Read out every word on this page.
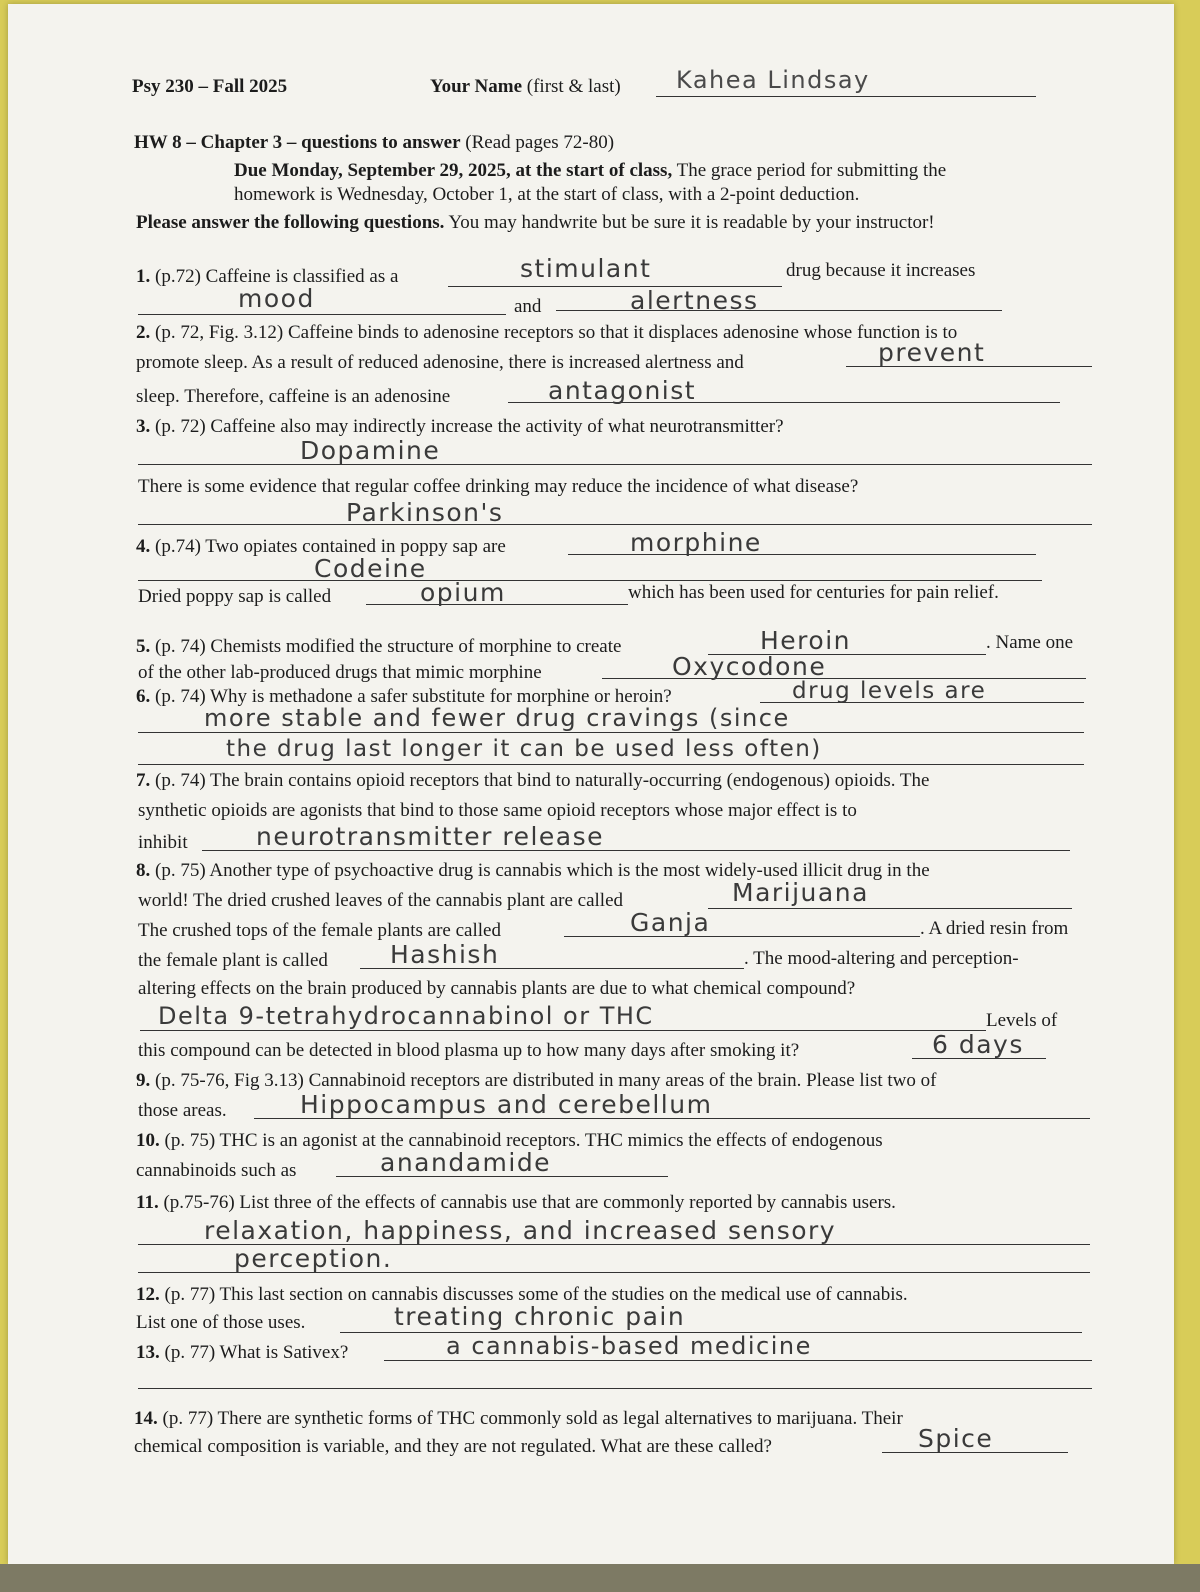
Psy 230 – Fall 2025	Your Name (first & last) Kahea Lindsay
HW 8 – Chapter 3 – questions to answer (Read pages 72-80)
Due Monday, September 29, 2025, at the start of class, The grace period for submitting the
homework is Wednesday, October 1, at the start of class, with a 2-point deduction.
Please answer the following questions. You may handwrite but be sure it is readable by your instructor!
1. (p.72) Caffeine is classified as a	stimulant	drug because it increases
mood	and	alertness
2. (p. 72, Fig. 3.12) Caffeine binds to adenosine receptors so that it displaces adenosine whose function is to
promote sleep. As a result of reduced adenosine, there is increased alertness and	prevent
sleep. Therefore, caffeine is an adenosine	antagonist
3. (p. 72) Caffeine also may indirectly increase the activity of what neurotransmitter?
Dopamine
There is some evidence that regular coffee drinking may reduce the incidence of what disease?
Parkinson's
4. (p.74) Two opiates contained in poppy sap are	morphine
Codeine
Dried poppy sap is called	opium	which has been used for centuries for pain relief.
5. (p. 74) Chemists modified the structure of morphine to create	Heroin	. Name one
of the other lab-produced drugs that mimic morphine	Oxycodone
6. (p. 74) Why is methadone a safer substitute for morphine or heroin?	drug levels are
more stable and fewer drug cravings (since
the drug last longer it can be used less often)
7. (p. 74) The brain contains opioid receptors that bind to naturally-occurring (endogenous) opioids. The
synthetic opioids are agonists that bind to those same opioid receptors whose major effect is to
inhibit	neurotransmitter release
8. (p. 75) Another type of psychoactive drug is cannabis which is the most widely-used illicit drug in the
world! The dried crushed leaves of the cannabis plant are called	Marijuana
The crushed tops of the female plants are called	Ganja	. A dried resin from
the female plant is called Hashish	. The mood-altering and perception-
altering effects on the brain produced by cannabis plants are due to what chemical compound?
Delta 9-tetrahydrocannabinol or THC	Levels of
this compound can be detected in blood plasma up to how many days after smoking it?	6 days
9. (p. 75-76, Fig 3.13) Cannabinoid receptors are distributed in many areas of the brain. Please list two of
those areas.	Hippocampus and cerebellum
10. (p. 75) THC is an agonist at the cannabinoid receptors. THC mimics the effects of endogenous
cannabinoids such as	anandamide
11. (p.75-76) List three of the effects of cannabis use that are commonly reported by cannabis users.
relaxation, happiness, and increased sensory
perception.
12. (p. 77) This last section on cannabis discusses some of the studies on the medical use of cannabis.
List one of those uses.	treating chronic pain
13. (p. 77) What is Sativex?	a cannabis-based medicine
14. (p. 77) There are synthetic forms of THC commonly sold as legal alternatives to marijuana. Their
chemical composition is variable, and they are not regulated. What are these called?	Spice
